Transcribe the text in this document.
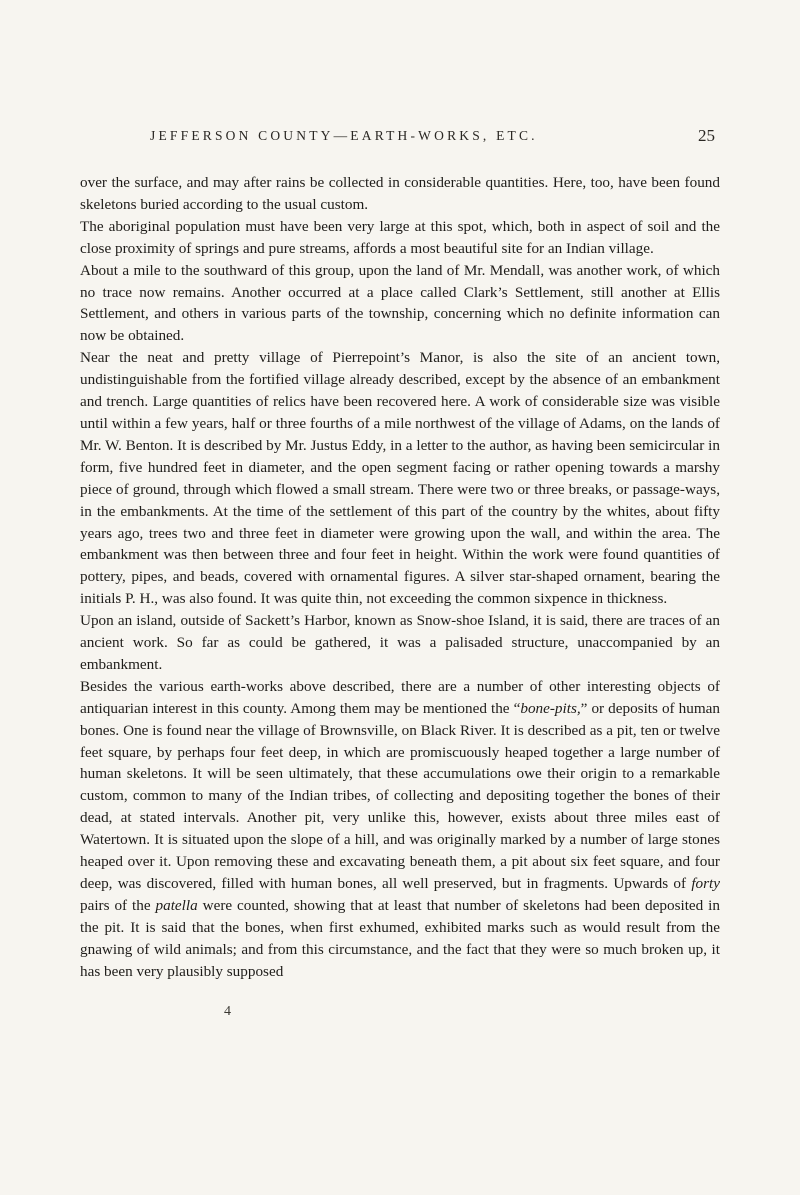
JEFFERSON COUNTY—EARTH-WORKS, ETC.	25

over the surface, and may after rains be collected in considerable quantities. Here, too, have been found skeletons buried according to the usual custom.

The aboriginal population must have been very large at this spot, which, both in aspect of soil and the close proximity of springs and pure streams, affords a most beautiful site for an Indian village.

About a mile to the southward of this group, upon the land of Mr. Mendall, was another work, of which no trace now remains. Another occurred at a place called Clark’s Settlement, still another at Ellis Settlement, and others in various parts of the township, concerning which no definite information can now be obtained.

Near the neat and pretty village of Pierrepoint’s Manor, is also the site of an ancient town, undistinguishable from the fortified village already described, except by the absence of an embankment and trench. Large quantities of relics have been recovered here. A work of considerable size was visible until within a few years, half or three fourths of a mile northwest of the village of Adams, on the lands of Mr. W. Benton. It is described by Mr. Justus Eddy, in a letter to the author, as having been semicircular in form, five hundred feet in diameter, and the open segment facing or rather opening towards a marshy piece of ground, through which flowed a small stream. There were two or three breaks, or passage-ways, in the embankments. At the time of the settlement of this part of the country by the whites, about fifty years ago, trees two and three feet in diameter were growing upon the wall, and within the area. The embankment was then between three and four feet in height. Within the work were found quantities of pottery, pipes, and beads, covered with ornamental figures. A silver star-shaped ornament, bearing the initials P. H., was also found. It was quite thin, not exceeding the common sixpence in thickness.

Upon an island, outside of Sackett’s Harbor, known as Snow-shoe Island, it is said, there are traces of an ancient work. So far as could be gathered, it was a palisaded structure, unaccompanied by an embankment.

Besides the various earth-works above described, there are a number of other interesting objects of antiquarian interest in this county. Among them may be mentioned the “bone-pits,” or deposits of human bones. One is found near the village of Brownsville, on Black River. It is described as a pit, ten or twelve feet square, by perhaps four feet deep, in which are promiscuously heaped together a large number of human skeletons. It will be seen ultimately, that these accumulations owe their origin to a remarkable custom, common to many of the Indian tribes, of collecting and depositing together the bones of their dead, at stated intervals. Another pit, very unlike this, however, exists about three miles east of Watertown. It is situated upon the slope of a hill, and was originally marked by a number of large stones heaped over it. Upon removing these and excavating beneath them, a pit about six feet square, and four deep, was discovered, filled with human bones, all well preserved, but in fragments. Upwards of forty pairs of the patella were counted, showing that at least that number of skeletons had been deposited in the pit. It is said that the bones, when first exhumed, exhibited marks such as would result from the gnawing of wild animals; and from this circumstance, and the fact that they were so much broken up, it has been very plausibly supposed

4
